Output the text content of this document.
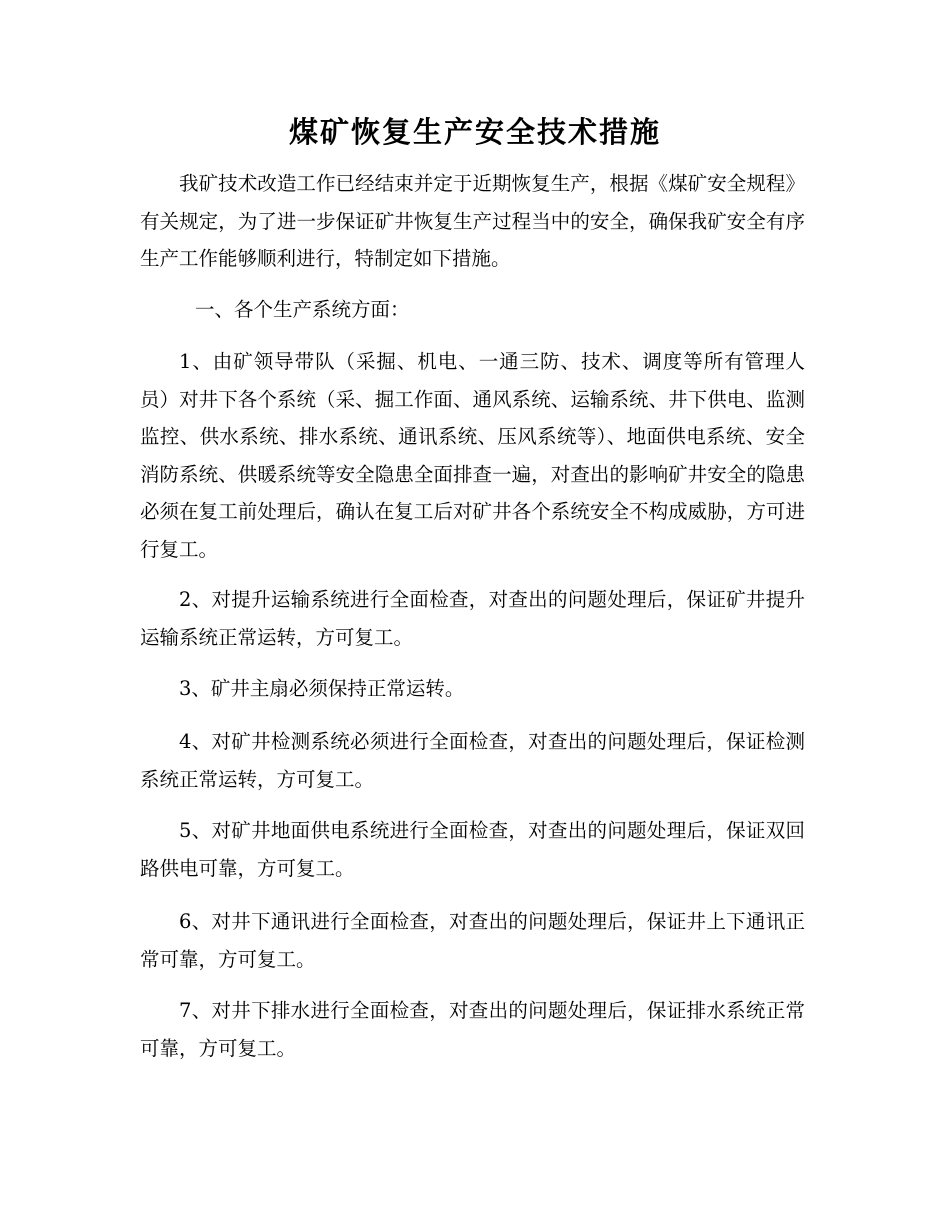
煤矿恢复生产安全技术措施

我矿技术改造工作已经结束并定于近期恢复生产，根据《煤矿安全规程》有关规定，为了进一步保证矿井恢复生产过程当中的安全，确保我矿安全有序生产工作能够顺利进行，特制定如下措施。

一、各个生产系统方面：

1、由矿领导带队（采掘、机电、一通三防、技术、调度等所有管理人员）对井下各个系统（采、掘工作面、通风系统、运输系统、井下供电、监测监控、供水系统、排水系统、通讯系统、压风系统等）、地面供电系统、安全消防系统、供暖系统等安全隐患全面排查一遍，对查出的影响矿井安全的隐患必须在复工前处理后，确认在复工后对矿井各个系统安全不构成威胁，方可进行复工。

2、对提升运输系统进行全面检查，对查出的问题处理后，保证矿井提升运输系统正常运转，方可复工。

3、矿井主扇必须保持正常运转。

4、对矿井检测系统必须进行全面检查，对查出的问题处理后，保证检测系统正常运转，方可复工。

5、对矿井地面供电系统进行全面检查，对查出的问题处理后，保证双回路供电可靠，方可复工。

6、对井下通讯进行全面检查，对查出的问题处理后，保证井上下通讯正常可靠，方可复工。

7、对井下排水进行全面检查，对查出的问题处理后，保证排水系统正常可靠，方可复工。
